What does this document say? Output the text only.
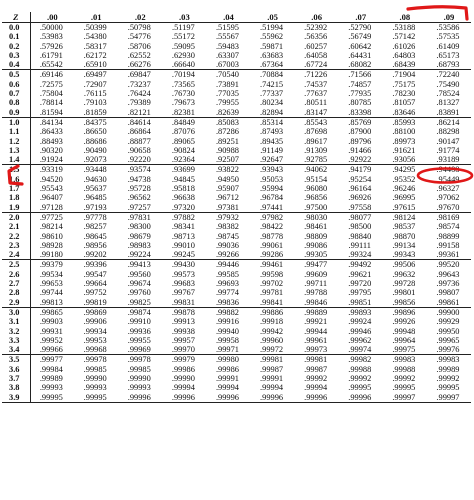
Z	.00	.01	.02	.03	.04	.05	.06	.07	.08	.09
0.0	.50000	.50399	.50798	.51197	.51595	.51994	.52392	.52790	.53188	.53586
0.1	.53983	.54380	.54776	.55172	.55567	.55962	.56356	.56749	.57142	.57535
0.2	.57926	.58317	.58706	.59095	.59483	.59871	.60257	.60642	.61026	.61409
0.3	.61791	.62172	.62552	.62930	.63307	.63683	.64058	.64431	.64803	.65173
0.4	.65542	.65910	.66276	.66640	.67003	.67364	.67724	.68082	.68439	.68793
0.5	.69146	.69497	.69847	.70194	.70540	.70884	.71226	.71566	.71904	.72240
0.6	.72575	.72907	.73237	.73565	.73891	.74215	.74537	.74857	.75175	.75490
0.7	.75804	.76115	.76424	.76730	.77035	.77337	.77637	.77935	.78230	.78524
0.8	.78814	.79103	.79389	.79673	.79955	.80234	.80511	.80785	.81057	.81327
0.9	.81594	.81859	.82121	.82381	.82639	.82894	.83147	.83398	.83646	.83891
1.0	.84134	.84375	.84614	.84849	.85083	.85314	.85543	.85769	.85993	.86214
1.1	.86433	.86650	.86864	.87076	.87286	.87493	.87698	.87900	.88100	.88298
1.2	.88493	.88686	.88877	.89065	.89251	.89435	.89617	.89796	.89973	.90147
1.3	.90320	.90490	.90658	.90824	.90988	.91149	.91309	.91466	.91621	.91774
1.4	.91924	.92073	.92220	.92364	.92507	.92647	.92785	.92922	.93056	.93189
1.5	.93319	.93448	.93574	.93699	.93822	.93943	.94062	.94179	.94295	.94408
1.6	.94520	.94630	.94738	.94845	.94950	.95053	.95154	.95254	.95352	.95449
1.7	.95543	.95637	.95728	.95818	.95907	.95994	.96080	.96164	.96246	.96327
1.8	.96407	.96485	.96562	.96638	.96712	.96784	.96856	.96926	.96995	.97062
1.9	.97128	.97193	.97257	.97320	.97381	.97441	.97500	.97558	.97615	.97670
2.0	.97725	.97778	.97831	.97882	.97932	.97982	.98030	.98077	.98124	.98169
2.1	.98214	.98257	.98300	.98341	.98382	.98422	.98461	.98500	.98537	.98574
2.2	.98610	.98645	.98679	.98713	.98745	.98778	.98809	.98840	.98870	.98899
2.3	.98928	.98956	.98983	.99010	.99036	.99061	.99086	.99111	.99134	.99158
2.4	.99180	.99202	.99224	.99245	.99266	.99286	.99305	.99324	.99343	.99361
2.5	.99379	.99396	.99413	.99430	.99446	.99461	.99477	.99492	.99506	.99520
2.6	.99534	.99547	.99560	.99573	.99585	.99598	.99609	.99621	.99632	.99643
2.7	.99653	.99664	.99674	.99683	.99693	.99702	.99711	.99720	.99728	.99736
2.8	.99744	.99752	.99760	.99767	.99774	.99781	.99788	.99795	.99801	.99807
2.9	.99813	.99819	.99825	.99831	.99836	.99841	.99846	.99851	.99856	.99861
3.0	.99865	.99869	.99874	.99878	.99882	.99886	.99889	.99893	.99896	.99900
3.1	.99903	.99906	.99910	.99913	.99916	.99918	.99921	.99924	.99926	.99929
3.2	.99931	.99934	.99936	.99938	.99940	.99942	.99944	.99946	.99948	.99950
3.3	.99952	.99953	.99955	.99957	.99958	.99960	.99961	.99962	.99964	.99965
3.4	.99966	.99968	.99969	.99970	.99971	.99972	.99973	.99974	.99975	.99976
3.5	.99977	.99978	.99978	.99979	.99980	.99981	.99981	.99982	.99983	.99983
3.6	.99984	.99985	.99985	.99986	.99986	.99987	.99987	.99988	.99988	.99989
3.7	.99989	.99990	.99990	.99990	.99991	.99991	.99992	.99992	.99992	.99992
3.8	.99993	.99993	.99993	.99994	.99994	.99994	.99994	.99995	.99995	.99995
3.9	.99995	.99995	.99996	.99996	.99996	.99996	.99996	.99996	.99997	.99997
